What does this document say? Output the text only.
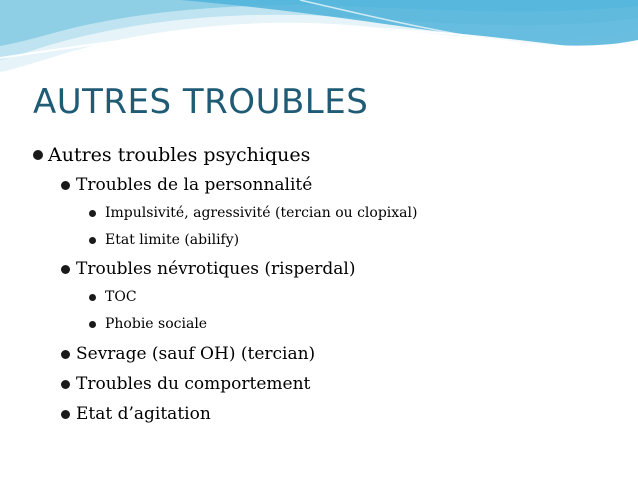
AUTRES TROUBLES
Autres troubles psychiques
Troubles de la personnalité
Impulsivité, agressivité (tercian ou clopixal)
Etat limite (abilify)
Troubles névrotiques (risperdal)
TOC
Phobie sociale
Sevrage (sauf OH) (tercian)
Troubles du comportement
Etat d’agitation
